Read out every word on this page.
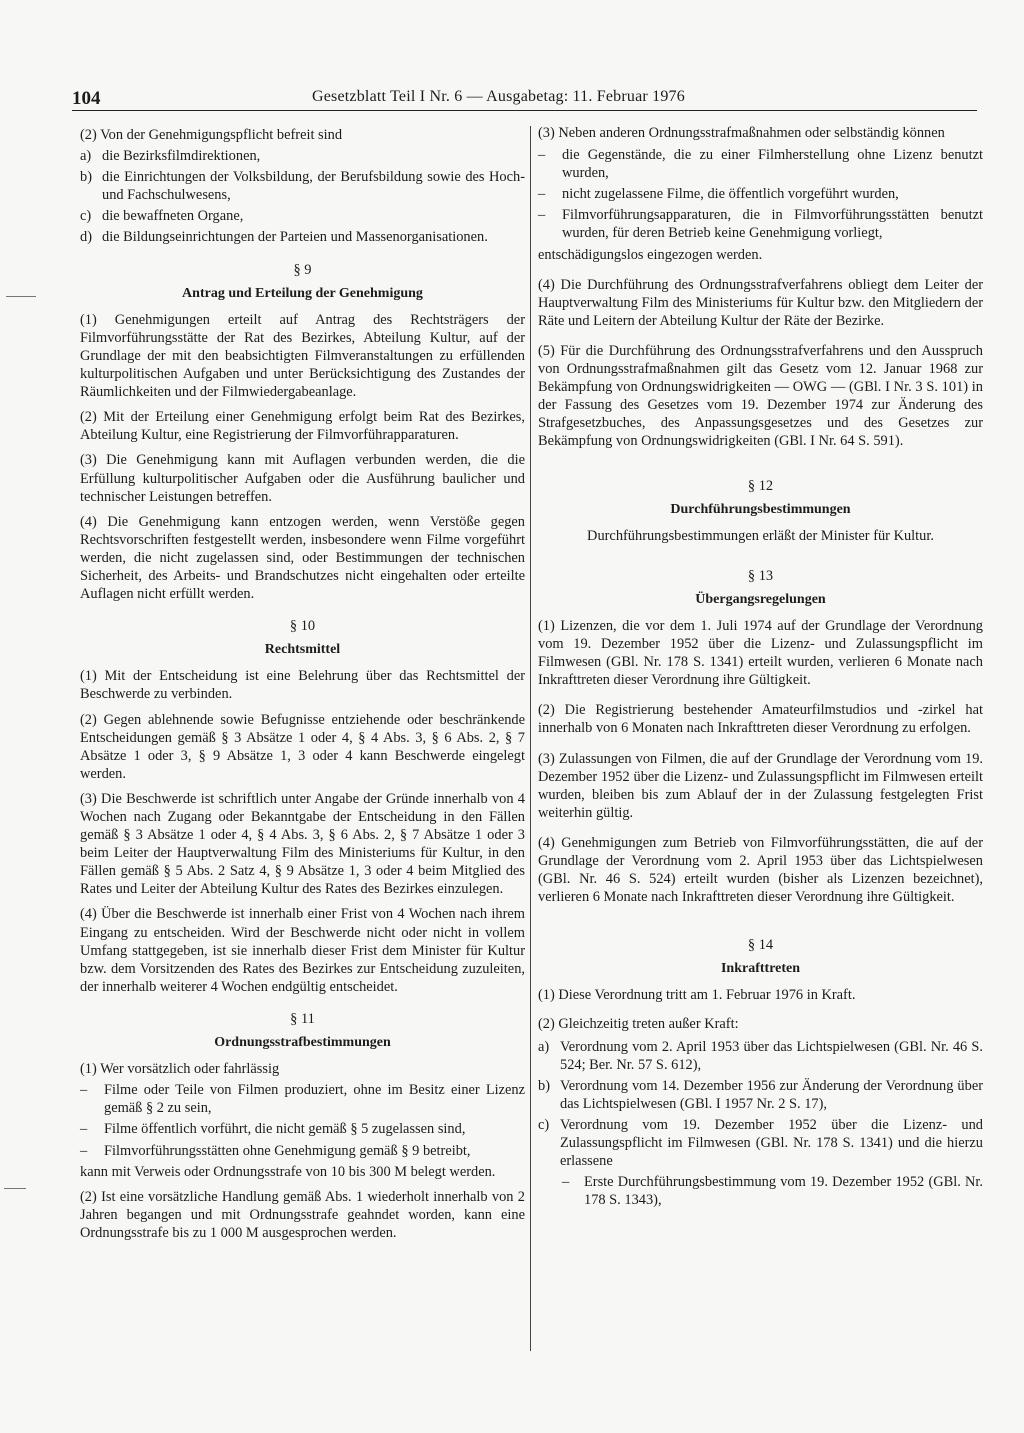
104	Gesetzblatt Teil I Nr. 6 — Ausgabetag: 11. Februar 1976

(2) Von der Genehmigungspflicht befreit sind

a) die Bezirksfilmdirektionen,
b) die Einrichtungen der Volksbildung, der Berufsbildung sowie des Hoch- und Fachschulwesens,
c) die bewaffneten Organe,
d) die Bildungseinrichtungen der Parteien und Massenorganisationen.
§ 9
Antrag und Erteilung der Genehmigung

(1) Genehmigungen erteilt auf Antrag des Rechtsträgers der Filmvorführungsstätte der Rat des Bezirkes, Abteilung Kultur, auf der Grundlage der mit den beabsichtigten Filmveranstaltungen zu erfüllenden kulturpolitischen Aufgaben und unter Berücksichtigung des Zustandes der Räumlichkeiten und der Filmwiedergabeanlage.

(2) Mit der Erteilung einer Genehmigung erfolgt beim Rat des Bezirkes, Abteilung Kultur, eine Registrierung der Filmvorführapparaturen.

(3) Die Genehmigung kann mit Auflagen verbunden werden, die die Erfüllung kulturpolitischer Aufgaben oder die Ausführung baulicher und technischer Leistungen betreffen.

(4) Die Genehmigung kann entzogen werden, wenn Verstöße gegen Rechtsvorschriften festgestellt werden, insbesondere wenn Filme vorgeführt werden, die nicht zugelassen sind, oder Bestimmungen der technischen Sicherheit, des Arbeits- und Brandschutzes nicht eingehalten oder erteilte Auflagen nicht erfüllt werden.

§ 10
Rechtsmittel

(1) Mit der Entscheidung ist eine Belehrung über das Rechtsmittel der Beschwerde zu verbinden.

(2) Gegen ablehnende sowie Befugnisse entziehende oder beschränkende Entscheidungen gemäß § 3 Absätze 1 oder 4, § 4 Abs. 3, § 6 Abs. 2, § 7 Absätze 1 oder 3, § 9 Absätze 1, 3 oder 4 kann Beschwerde eingelegt werden.

(3) Die Beschwerde ist schriftlich unter Angabe der Gründe innerhalb von 4 Wochen nach Zugang oder Bekanntgabe der Entscheidung in den Fällen gemäß § 3 Absätze 1 oder 4, § 4 Abs. 3, § 6 Abs. 2, § 7 Absätze 1 oder 3 beim Leiter der Hauptverwaltung Film des Ministeriums für Kultur, in den Fällen gemäß § 5 Abs. 2 Satz 4, § 9 Absätze 1, 3 oder 4 beim Mitglied des Rates und Leiter der Abteilung Kultur des Rates des Bezirkes einzulegen.

(4) Über die Beschwerde ist innerhalb einer Frist von 4 Wochen nach ihrem Eingang zu entscheiden. Wird der Beschwerde nicht oder nicht in vollem Umfang stattgegeben, ist sie innerhalb dieser Frist dem Minister für Kultur bzw. dem Vorsitzenden des Rates des Bezirkes zur Entscheidung zuzuleiten, der innerhalb weiterer 4 Wochen endgültig entscheidet.

§ 11
Ordnungsstrafbestimmungen

(1) Wer vorsätzlich oder fahrlässig

– Filme oder Teile von Filmen produziert, ohne im Besitz einer Lizenz gemäß § 2 zu sein,
– Filme öffentlich vorführt, die nicht gemäß § 5 zugelassen sind,
– Filmvorführungsstätten ohne Genehmigung gemäß § 9 betreibt,

kann mit Verweis oder Ordnungsstrafe von 10 bis 300 M belegt werden.

(2) Ist eine vorsätzliche Handlung gemäß Abs. 1 wiederholt innerhalb von 2 Jahren begangen und mit Ordnungsstrafe geahndet worden, kann eine Ordnungsstrafe bis zu 1 000 M ausgesprochen werden.

(3) Neben anderen Ordnungsstrafmaßnahmen oder selbständig können

– die Gegenstände, die zu einer Filmherstellung ohne Lizenz benutzt wurden,
– nicht zugelassene Filme, die öffentlich vorgeführt wurden,
– Filmvorführungsapparaturen, die in Filmvorführungsstätten benutzt wurden, für deren Betrieb keine Genehmigung vorliegt,

entschädigungslos eingezogen werden.

(4) Die Durchführung des Ordnungsstrafverfahrens obliegt dem Leiter der Hauptverwaltung Film des Ministeriums für Kultur bzw. den Mitgliedern der Räte und Leitern der Abteilung Kultur der Räte der Bezirke.

(5) Für die Durchführung des Ordnungsstrafverfahrens und den Ausspruch von Ordnungsstrafmaßnahmen gilt das Gesetz vom 12. Januar 1968 zur Bekämpfung von Ordnungswidrigkeiten — OWG — (GBl. I Nr. 3 S. 101) in der Fassung des Gesetzes vom 19. Dezember 1974 zur Änderung des Strafgesetzbuches, des Anpassungsgesetzes und des Gesetzes zur Bekämpfung von Ordnungswidrigkeiten (GBl. I Nr. 64 S. 591).

§ 12
Durchführungsbestimmungen

Durchführungsbestimmungen erläßt der Minister für Kultur.

§ 13
Übergangsregelungen

(1) Lizenzen, die vor dem 1. Juli 1974 auf der Grundlage der Verordnung vom 19. Dezember 1952 über die Lizenz- und Zulassungspflicht im Filmwesen (GBl. Nr. 178 S. 1341) erteilt wurden, verlieren 6 Monate nach Inkrafttreten dieser Verordnung ihre Gültigkeit.

(2) Die Registrierung bestehender Amateurfilmstudios und -zirkel hat innerhalb von 6 Monaten nach Inkrafttreten dieser Verordnung zu erfolgen.

(3) Zulassungen von Filmen, die auf der Grundlage der Verordnung vom 19. Dezember 1952 über die Lizenz- und Zulassungspflicht im Filmwesen erteilt wurden, bleiben bis zum Ablauf der in der Zulassung festgelegten Frist weiterhin gültig.

(4) Genehmigungen zum Betrieb von Filmvorführungsstätten, die auf der Grundlage der Verordnung vom 2. April 1953 über das Lichtspielwesen (GBl. Nr. 46 S. 524) erteilt wurden (bisher als Lizenzen bezeichnet), verlieren 6 Monate nach Inkrafttreten dieser Verordnung ihre Gültigkeit.

§ 14
Inkrafttreten

(1) Diese Verordnung tritt am 1. Februar 1976 in Kraft.

(2) Gleichzeitig treten außer Kraft:

a) Verordnung vom 2. April 1953 über das Lichtspielwesen (GBl. Nr. 46 S. 524; Ber. Nr. 57 S. 612),
b) Verordnung vom 14. Dezember 1956 zur Änderung der Verordnung über das Lichtspielwesen (GBl. I 1957 Nr. 2 S. 17),
c) Verordnung vom 19. Dezember 1952 über die Lizenz- und Zulassungspflicht im Filmwesen (GBl. Nr. 178 S. 1341) und die hierzu erlassene
– Erste Durchführungsbestimmung vom 19. Dezember 1952 (GBl. Nr. 178 S. 1343),
